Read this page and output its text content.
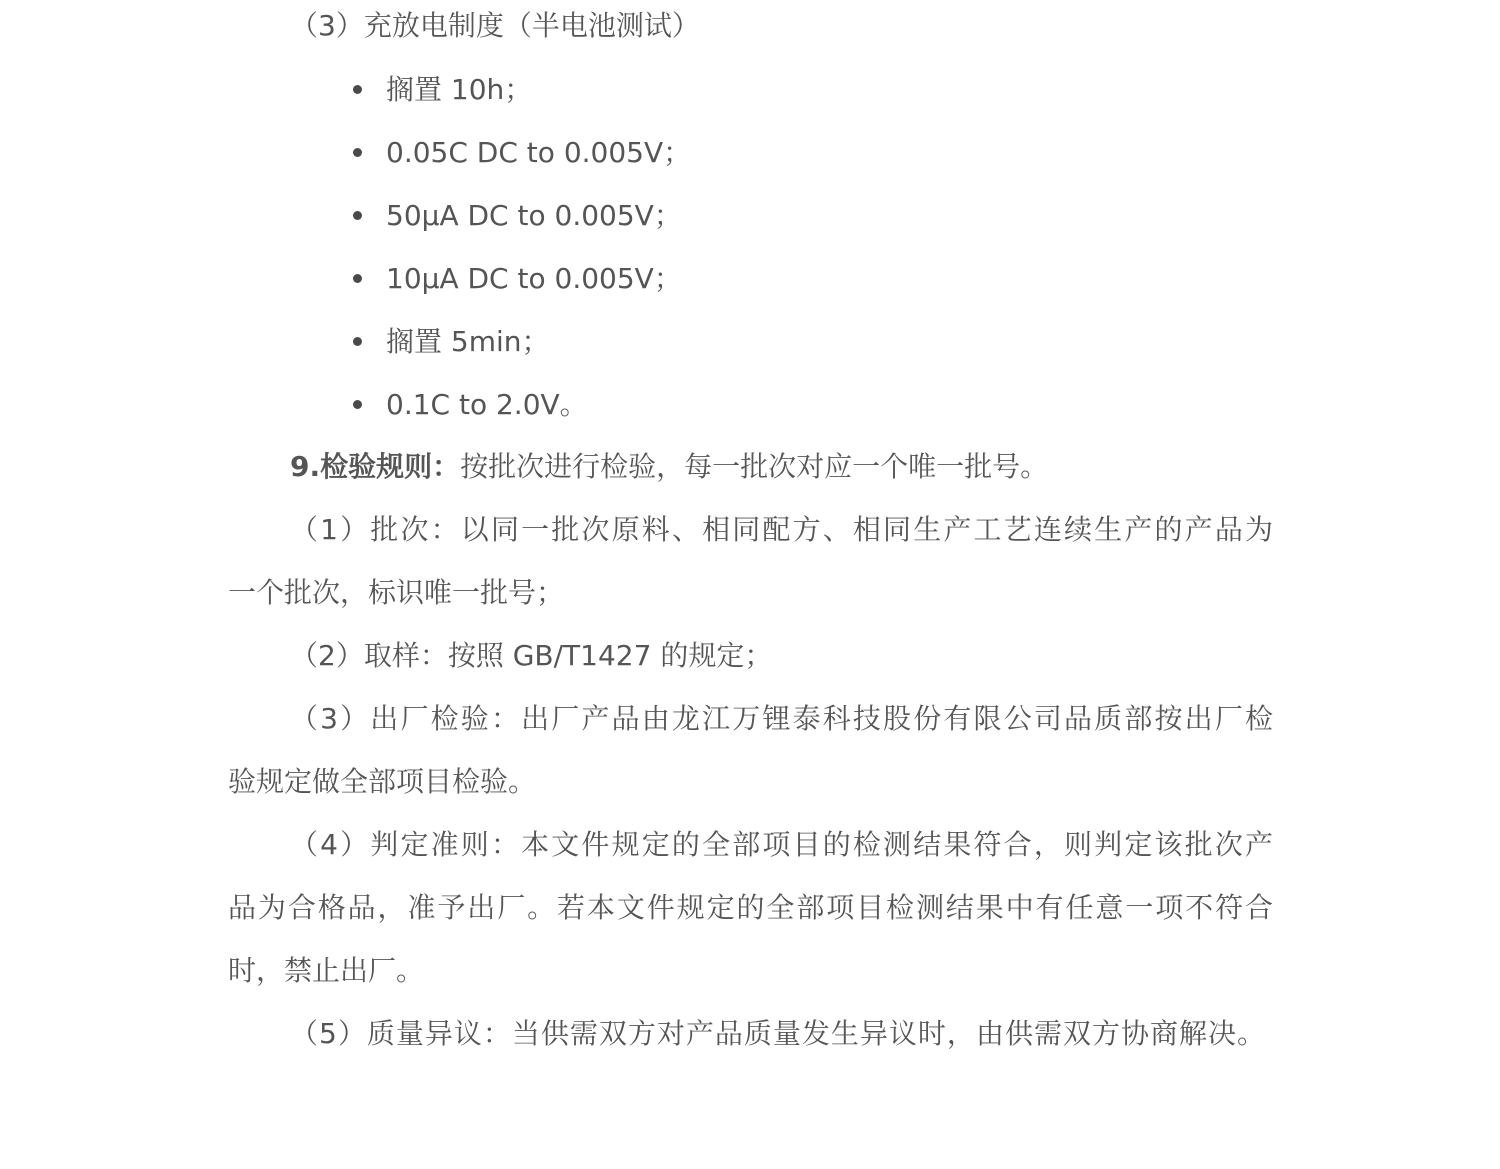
（3）充放电制度（半电池测试）
搁置 10h；
0.05C DC to 0.005V；
50μA DC to 0.005V；
10μA DC to 0.005V；
搁置 5min；
0.1C to 2.0V。
9.检验规则：按批次进行检验，每一批次对应一个唯一批号。
（1）批次：以同一批次原料、相同配方、相同生产工艺连续生产的产品为
一个批次，标识唯一批号；
（2）取样：按照 GB/T1427 的规定；
（3）出厂检验：出厂产品由龙江万锂泰科技股份有限公司品质部按出厂检
验规定做全部项目检验。
（4）判定准则：本文件规定的全部项目的检测结果符合，则判定该批次产
品为合格品，准予出厂。若本文件规定的全部项目检测结果中有任意一项不符合
时，禁止出厂。
（5）质量异议：当供需双方对产品质量发生异议时，由供需双方协商解决。
